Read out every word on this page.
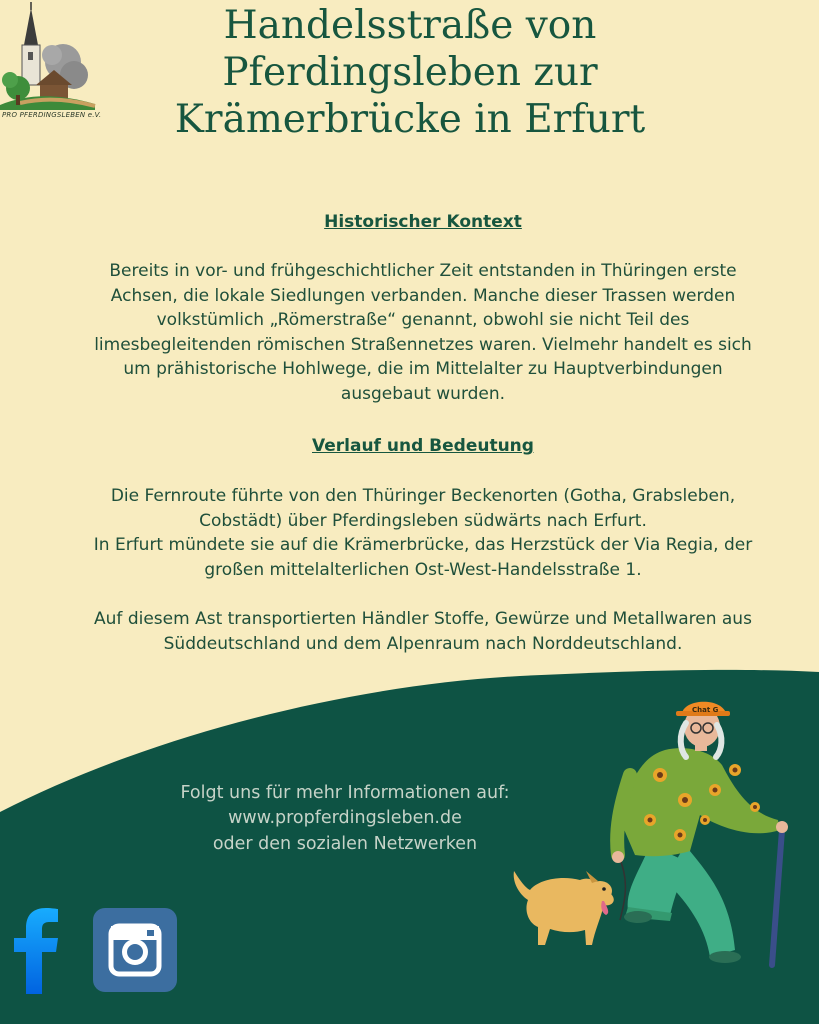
PRO PFERDINGSLEBEN e.V.
Handelsstraße von
Pferdingsleben zur
Krämerbrücke in Erfurt
Historischer Kontext
Bereits in vor- und frühgeschichtlicher Zeit entstanden in Thüringen erste Achsen, die lokale Siedlungen verbanden. Manche dieser Trassen werden volkstümlich „Römerstraße“ genannt, obwohl sie nicht Teil des limesbegleitenden römischen Straßennetzes waren. Vielmehr handelt es sich um prähistorische Hohlwege, die im Mittelalter zu Hauptverbindungen ausgebaut wurden.
Verlauf und Bedeutung
Die Fernroute führte von den Thüringer Beckenorten (Gotha, Grabsleben, Cobstädt) über Pferdingsleben südwärts nach Erfurt.
In Erfurt mündete sie auf die Krämerbrücke, das Herzstück der Via Regia, der großen mittelalterlichen Ost-West-Handelsstraße 1.
Auf diesem Ast transportierten Händler Stoffe, Gewürze und Metallwaren aus Süddeutschland und dem Alpenraum nach Norddeutschland.
Folgt uns für mehr Informationen auf:
www.propferdingsleben.de
oder den sozialen Netzwerken
Chat G
